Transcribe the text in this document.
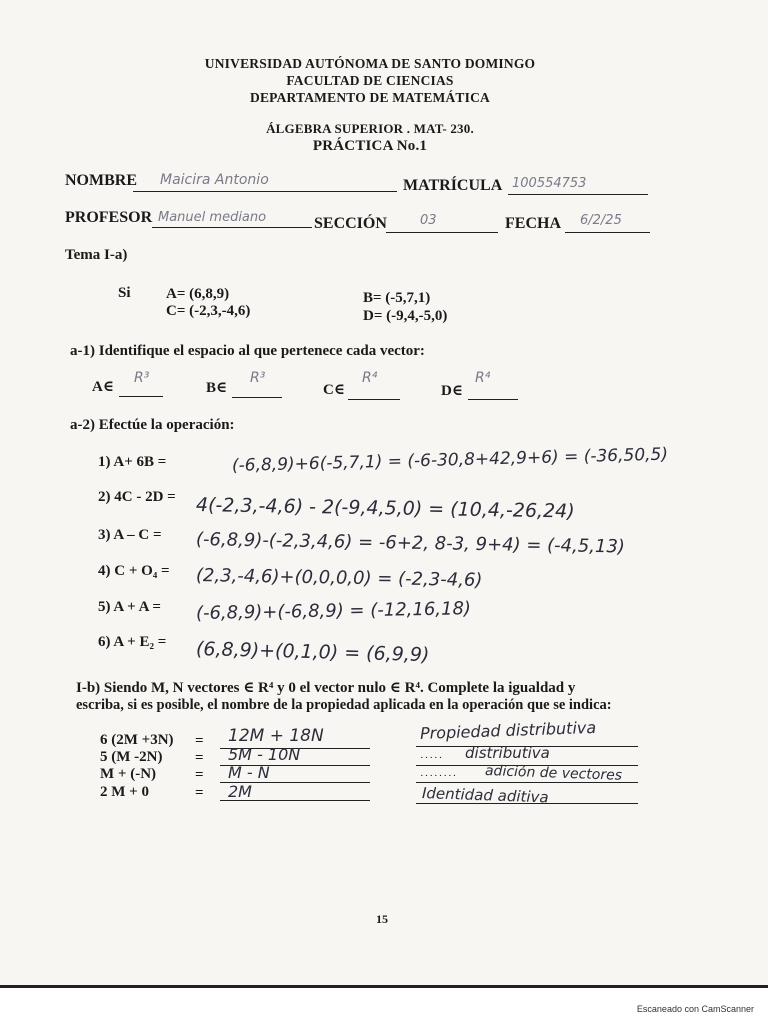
UNIVERSIDAD AUTÓNOMA DE SANTO DOMINGO
FACULTAD DE CIENCIAS
DEPARTAMENTO DE MATEMÁTICA
ÁLGEBRA SUPERIOR . MAT- 230.
PRÁCTICA No.1
NOMBRE Maicira Antonio	MATRÍCULA 100554753
PROFESOR Manuel mediano	SECCIÓN	03	FECHA 6/2/25
Tema I-a)
Si A= (6,8,9)
C= (-2,3,-4,6)
B= (-5,7,1)
D= (-9,4,-5,0)
a-1) Identifique el espacio al que pertenece cada vector:
A∈
R³
B∈
R³
C∈
R⁴
D∈
R⁴
a-2) Efectúe la operación:
1) A+ 6B =	(-6,8,9)+6(-5,7,1) = (-6-30,8+42,9+6) = (-36,50,5)
2) 4C - 2D = 4(-2,3,-4,6) - 2(-9,4,5,0) = (10,4,-26,24)
3) A – C = (-6,8,9)-(-2,3,4,6) = -6+2, 8-3, 9+4) = (-4,5,13)
4) C + O₄ = (2,3,-4,6)+(0,0,0,0) = (-2,3-4,6)
5) A + A = (-6,8,9)+(-6,8,9) = (-12,16,18)
6) A + E₂ = (6,8,9)+(0,1,0) = (6,9,9)
I-b) Siendo M, N vectores ∈ R⁴ y 0 el vector nulo ∈ R⁴. Complete la igualdad y
escriba, si es posible, el nombre de la propiedad aplicada en la operación que se indica:
6 (2M +3N) = 12M + 18N	Propiedad distributiva
5 (M -2N) = 5M - 10N	····· distributiva
M + (-N)	= M - N	········ adición de vectores
2 M + 0	= 2M	Identidad aditiva
15
Escaneado con CamScanner
